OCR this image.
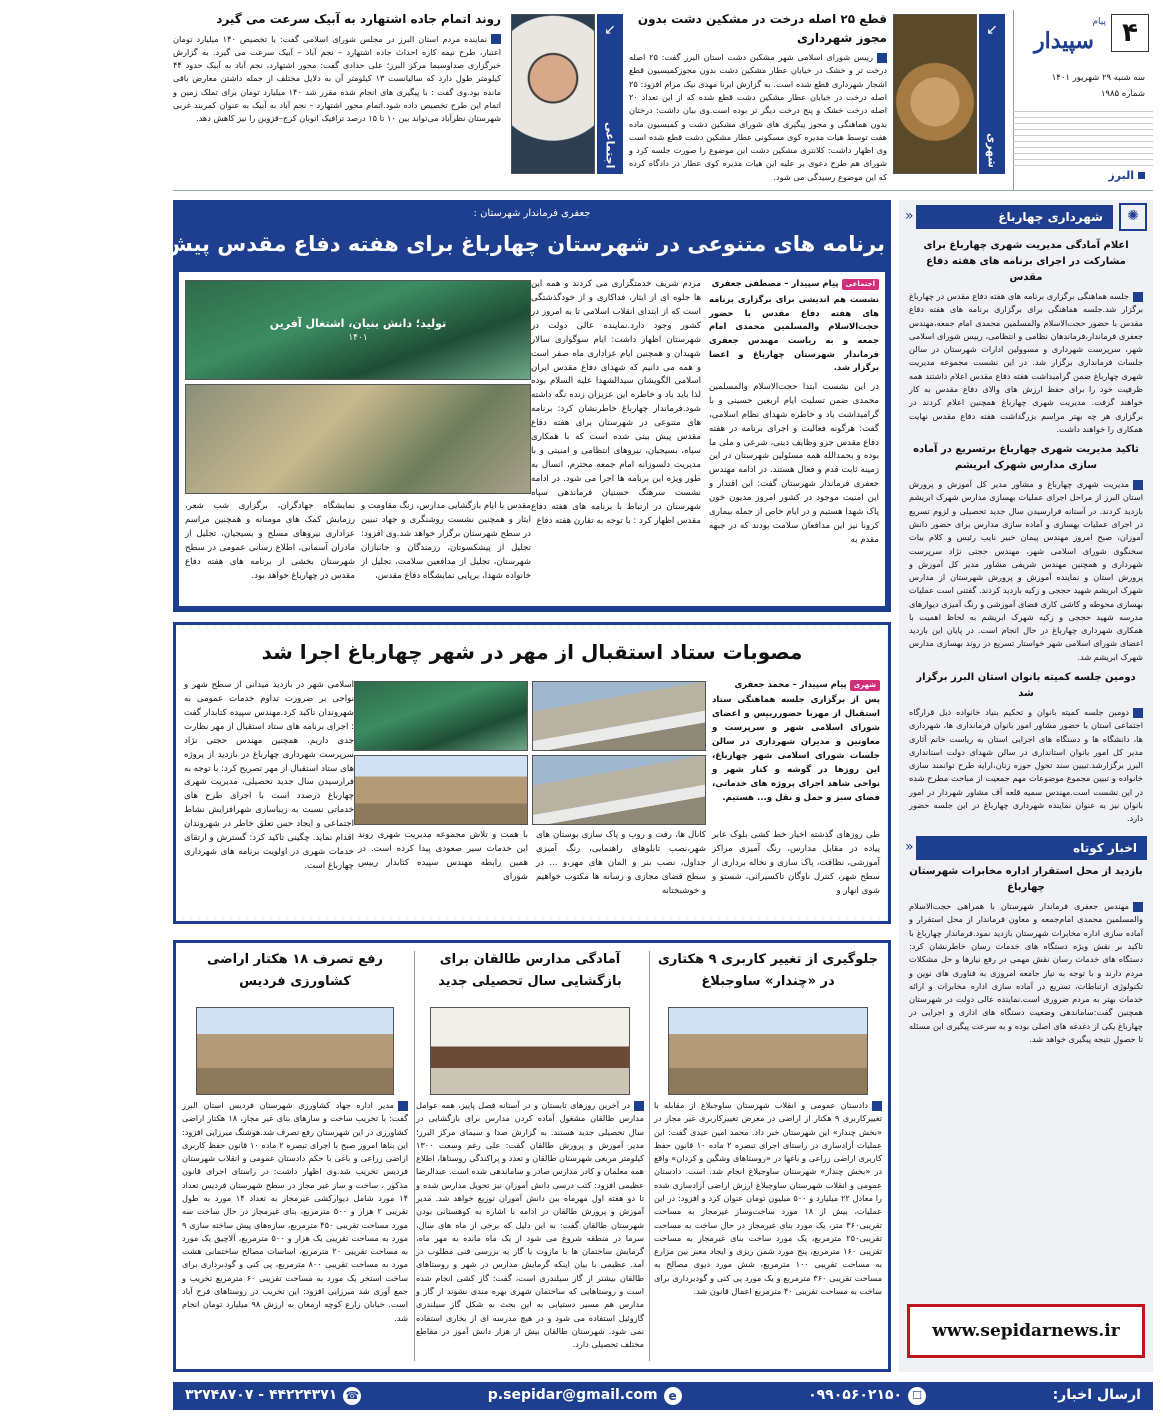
۴
پیام
سپیدار
سه شنبه ۲۹ شهریور ۱۴۰۱
شماره ۱۹۸۵
البرز
↙
شهری
قطع ۲۵ اصله درخت در مشکین دشت بدون مجوز شهرداری

رییس شورای اسلامی شهر مشکین دشت استان البرز گفت: ۲۵ اصله درخت تر و خشک در خیابان عطار مشکین دشت بدون مجوزکمیسیون قطع اشجار شهرداری قطع شده است. به گزارش ایرنا مهدی نیک مرام افزود: ۲۵ اصله درخت در خیابان عطار مشکین دشت قطع شده که از این تعداد ۲۰ اصله درخت خشک و پنج درخت دیگر تر بوده است.وی بیان داشت: درختان بدون هماهنگی و مجوز پیگیری های شورای مشکین دشت و کمیسیون ماده هفت توسط هیات مدیره کوی مسکونی عطار مشکین دشت قطع شده است وی اظهار داشت: کلانتری مشکین دشت این موضوع را صورت جلسه کرد و شورای هم طرح دعوی بر علیه این هیات مدیره کوی عطار در دادگاه کرده که این موضوع رسیدگی می شود.

↙
اجتماعی
روند اتمام جاده اشتهارد به آبیک سرعت می گیرد

نماینده مردم استان البرز در مجلس شورای اسلامی گفت: با تخصیص ۱۴۰ میلیارد تومان اعتبار، طرح نیمه کاره احداث جاده اشتهارد – نجم آباد – آبیک سرعت می گیرد. به گزارش خبرگزاری صداوسیما مرکز البرز؛ علی حدادی گفت: محور اشتهارد، نجم آباد به آبیک حدود ۴۴ کیلومتر طول دارد که سالیانست ۱۳ کیلومتر آن به دلایل مختلف از جمله داشتن معارض باقی مانده بود.وی گفت : با پیگیری های انجام شده مقرر شد ۱۴۰ میلیارد تومان برای تملک زمین و اتمام این طرح تخصیص داده شود.اتمام محور اشتهارد – نجم آباد به آبیک به عنوان کمربند غربی شهرستان نظرآباد می‌تواند بین ۱۰ تا ۱۵ درصد ترافیک اتوبان کرج–قزوین را نیز کاهش دهد.

جعفری فرماندار شهرستان :
برنامه های متنوعی در شهرستان چهارباغ برای هفته دفاع مقدس پیش بینی شده است
اجتماعی پیام سپیدار – مصطفی جعفری

نشست هم اندیشی برای برگزاری برنامه های هفته دفاع مقدس با حضور حجت‌الاسلام والمسلمین محمدی امام جمعه و به ریاست مهندس جعفری فرماندار شهرستان چهارباغ و اعضا برگزار شد.

در این نشست ابتدا حجت‌الاسلام والمسلمین محمدی ضمن تسلیت ایام اربعین حسینی و با گرامیداشت یاد و خاطره شهدای نظام اسلامی، گفت: هرگونه فعالیت و اجرای برنامه در هفته دفاع مقدس جزو وظایف دینی، شرعی و ملی ما بوده و بحمدالله همه مسئولین شهرستان در این زمینه ثابت قدم و فعال هستند. در ادامه مهندس جعفری فرماندار شهرستان گفت: این اقتدار و این امنیت موجود در کشور امروز مدیون خون پاک شهدا هستیم و در ایام خاص از جمله بیماری کرونا نیز این مدافعان سلامت بودند که در جبهه مقدم به

مردم شریف خدمتگزاری می کردند و همه این ها جلوه ای از ایثار، فداکاری و از خودگذشتگی است که از ابتدای انقلاب اسلامی تا به امروز در کشور وجود دارد.نماینده عالی دولت در شهرستان اظهار داشت: ایام سوگواری سالار شهیدان و همچنین ایام عزاداری ماه صفر است و همه می دانیم که شهدای دفاع مقدس ایران اسلامی الگویشان سیدالشهدا علیه السلام بوده لذا باید یاد و خاطره این عزیزان زنده نگه داشته شود.فرماندار چهارباغ خاطرنشان کرد: برنامه های متنوعی در شهرستان برای هفته دفاع مقدس پیش بینی شده است که با همکاری سپاه، بسیجیان، نیروهای انتظامی و امنیتی و با مدیریت دلسوزانه امام جمعه محترم، انسال به طور ویژه این برنامه ها اجرا می شود. در ادامه نشست سرهنگ حسنیان فرماندهی سپاه شهرستان در ارتباط با برنامه های هفته دفاع مقدس اظهار کرد : با توجه به تقارن هفته دفاع

تولید؛ دانش بنیان، اشتغال آفرین
۱۴۰۱

مقدس با ایام بازگشایی مدارس، زنگ مقاومت و ایثار و همچنین نشست روشنگری و جهاد تبیین در سطح شهرستان برگزار خواهد شد.وی افزود: تجلیل از پیشکسوتان، رزمندگان و جانبازان شهرستان، تجلیل از مدافعین سلامت، تجلیل از خانواده شهدا، برپایی نمایشگاه دفاع مقدس،

نمایشگاه جهادگران، برگزاری شب شعر، رزمایش کمک های مومنانه و همچنین مراسم عزاداری نیروهای مسلح و بسیجیان، تجلیل از مادران آسمانی، اطلاع رسانی عمومی در سطح شهرستان بخشی از برنامه های هفته دفاع مقدس در چهارباغ خواهد بود.

مصوبات ستاد استقبال از مهر در شهر چهارباغ اجرا شد
شهری پیام سپیدار – محمد جعفری

پس از برگزاری جلسه هماهنگی ستاد استقبال از مهربا حضوررییس و اعضای شورای اسلامی شهر و سرپرست و معاونین و مدیران شهرداری در سالن جلسات شورای اسلامی شهر چهارباغ، این روزها در گوشه و کنار شهر و نواحی شاهد اجرای پروژه های خدماتی، فضای سبز و حمل و نقل و... هستیم.

طی روزهای گذشته اخیار خط کشی بلوک عابر پیاده در مقابل مدارس، رنگ آمیزی مراکز آموزشی، نظافت، پاک سازی و نخاله برداری از سطح شهر، کنترل ناوگان تاکسیرانی، شستو و شوی انهار و

کانال ها، رفت و روب و پاک سازی بوستان های شهر،نصب تابلوهای راهنمایی، رنگ آمیزی جداول، نصب بنر و المان های مهر،و ... در سطح فضای مجازی و رسانه ها مکتوب خواهیم و خوشبختانه

با همت و تلاش مجموعه مدیریت شهری روند این خدمات سیر صعودی پیدا کرده است. در همین رابطه مهندس سپیده کتابدار رییس شورای

اسلامی شهر در بازدید میدانی از سطح شهر و نواحی بر ضرورت تداوم خدمات عمومی به شهروندان تاکید کرد.مهندس سپیده کتابدار گفت : اجرای برنامه های ستاد استقبال از مهر نظارت جدی داریم. همچنین مهندس حجتی نژاد سرپرست شهرداری چهارباغ در بازدید از پروژه های ستاد استقبال از مهر تصریح کرد: با توجه به فرارسیدن سال جدید تحصیلی، مدیریت شهری چهارباغ درصدد است با اجرای طرح های خدماتی نسبت به زیباسازی شهرافزایش نشاط اجتماعی و ایجاد حس تعلق خاطر در شهروندان اقدام نماید. چگینی تاکید کرد: گسترش و ارتقای خدمات شهری در اولویت برنامه های شهرداری چهارباغ است.

جلوگیری از تغییر کاربری ۹ هکتاری در «چندار» ساوجبلاغ

دادستان عمومی و انقلاب شهرستان ساوجبلاغ از مقابله با تغییرکاربری ۹ هکتار از اراضی در معرض تغییرکاربری غیر مجاز در «بخش چندار» این شهرستان خبر داد. محمد امین عیدی گفت: این عملیات آزادسازی در راستای اجرای تبصره ۲ ماده ۱۰ قانون حفظ کاربری اراضی زراعی و باغها در «روستاهای وشگین و کردان» واقع در «بخش چندار» شهرستان ساوجبلاغ انجام شد. است. دادستان عمومی و انقلاب شهرستان ساوجبلاغ ارزش اراضی آزادسازی شده را معادل ۲۲ میلیارد و ۵۰۰ میلیون تومان عنوان کرد و افزود: در این عملیات، بیش از ۱۸ مورد ساخت‌وساز غیرمجاز به مساحت تقریبی۳۶۰ متر، یک مورد بنای غیرمجاز در حال ساخت به مساحت تقریبی۲۵۰ مترمربع، یک مورد ساخت بنای غیرمجاز به مساحت تقریبی ۱۶۰ مترمربع، پنج مورد شمن ریزی و ایجاد معبر بین مزارع به مساحت تقریبی ۱۰۰ مترمربع، شش مورد دیوی مصالح به مساحت تقریبی ۳۶۰ مترمربع و یک مورد پی کنی و گودبرداری برای ساخت به مساحت تقریبی ۴۰ مترمربع اعمال قانون شد.

آمادگی مدارس طالقان برای بازگشایی سال تحصیلی جدید

در آخرین روزهای تابستان و در آستانه فصل پاییز، همه عوامل مدارس طالقان مشغول آماده کردن مدارس برای بازگشایی در سال تحصیلی جدید هستند. به گزارش صدا و سیمای مرکز البرز؛ مدیر آموزش و پرورش طالقان گفت: علی رغم وسعت ۱۳۰۰ کیلومتر مربعی شهرستان طالقان و تعدد و پراکندگی روستاها، اطلاع همه معلمان و کادر مدارس صادر و ساماندهی شده است. عبدالرضا عظیمی افزود: کتب درسی دانش آموزان نیز تحویل مدارس شده و تا دو هفته اول مهرماه بین دانش آموزان توزیع خواهد شد. مدیر آموزش و پرورش طالقان در ادامه با اشاره به کوهستانی بودن شهرستان طالقان گفت: به این دلیل که برخی از ماه های سال، سرما در منطقه شروع می شود از یک ماه مانده به مهر ماه، گرمایش ساختمان ها با مازوت یا گاز به بررسی فنی مطلوب در آمد. عظیمی با بیان اینکه گرمایش مدارس در شهر و روستاهای طالقان بیشتر از گاز سیلندری است، گفت: گاز کشی انجام شده است و روستاهایی که ساختمان شهری بهره مندی نشوند از گاز و مدارس هم مسیر دستیابی به این بحث به شکل گاز سیلندری گازوئیل استفاده می شود و در هیچ مدرسه ای از بخاری استفاده نمی شود. شهرستان طالقان بیش از هزار دانش آموز در مقاطع مختلف تحصیلی دارد.

رفع تصرف ۱۸ هکتار اراضی کشاورزی فردیس

مدیر اداره جهاد کشاورزی شهرستان فردیس استان البرز گفت: با تخریب ساخت و سازهای بنای غیر مجاز، ۱۸ هکتار اراضی کشاورزی در این شهرستان رفع تصرف شد.هوشنگ میرزایی افزود: این بنا‌ها امروز صبح با اجرای تبصره ۲ ماده ۱۰ قانون حفظ کاربری اراضی زراعی و باغی با حکم دادستان عمومی و انقلاب شهرستان فردیس تخریب شد.وی اظهار داشت: در راستای اجرای قانون مذکور ، ساخت و ساز غیر مجاز در سطح شهرستان فردیس تعداد ۱۴ مورد شامل دیوارکشی غیرمجاز به تعداد ۱۴ مورد به طول تقریبی ۲ هزار و ۵۰۰ مترمربع، بنای غیرمجاز در حال ساخت سه مورد مساحت تقریبی ۴۵۰ مترمربع، سازه‌های پیش ساخته سازی ۹ مورد به مساحت تقریبی یک هزار و ۵۰۰ مترمربع، آلاچیق یک مورد به مساحت تقریبی ۲۰ مترمربع، اساسات مصالح ساختمانی هشت مورد به مساحت تقریبی ۸۰۰ مترمربع، پی کنی و گودبرداری برای ساخت استخر یک مورد به مساحت تقریبی ۶۰ مترمربع تخریب و جمع آوری شد میرزایی افزود: این تخریب در روستاهای فرح آباد است. خیابان زارع کوچه ارمغان به ارزش ۹۸ میلیارد تومان انجام شد.

✺
شهرداری چهارباغ
«
اعلام آمادگی مدیریت شهری چهارباغ برای مشارکت در اجرای برنامه های هفته دفاع مقدس

جلسه هماهنگی برگزاری برنامه های هفته دفاع مقدس در چهارباغ برگزار شد.جلسه هماهنگی برای برگزاری برنامه های هفته دفاع مقدس با حضور حجت‌الاسلام والمسلمین محمدی امام جمعه،مهندس جعفری فرماندار،فرماندهان نظامی و انتظامی، رییس شورای اسلامی شهر، سرپرست شهرداری و مسوولین ادارات شهرستان در سالن جلسات فرمانداری برگزار شد. در این نشست مجموعه مدیریت شهری چهارباغ ضمن گرامیداشت هفته دفاع مقدس اعلام داشتند همه ظرفیت خود را برای حفظ ارزش های والای دفاع مقدس به کار خواهند گرفت. مدیریت شهری چهارباغ همچنین اعلام کردند در برگزاری هر چه بهتر مراسم بزرگداشت هفته دفاع مقدس نهایت همکاری را خواهند داشت.

تاکید مدیریت شهری چهارباغ برتسریع در آماده سازی مدارس شهرک ابریشم

مدیریت شهری چهارباغ و مشاور مدیر کل آموزش و پرورش استان البرز از مراحل اجرای عملیات بهسازی مدارس شهرک ابریشم بازدید کردند. در آستانه فرارسیدن سال جدید تحصیلی و لزوم تسریع در اجرای عملیات بهسازی و آماده سازی مدارس برای حضور دانش آموزان، صبح امروز مهندس پیمان خبیر نایب رئیس و کلام بیات سخنگوی شورای اسلامی شهر، مهندس حجتی نژاد سرپرست شهرداری و همچنین مهندس شریفی مشاور مدیر کل آموزش و پرورش استان و نماینده آموزش و پرورش شهرستان از مدارس شهرک ابریشم شهید حججی و زکیه بازدید کردند. گفتنی است عملیات بهسازی محوطه و کاشی کاری فضای آموزشی و رنگ آمیزی دیوارهای مدرسه شهید حججی و زکیه شهرک ابریشم به لحاظ اهمیت با همکاری شهرداری چهارباغ در حال انجام است. در پایان این بازدید اعضای شورای اسلامی شهر خواستار تسریع در روند بهسازی مدارس شهرک ابریشم شد.

دومین جلسه کمیته بانوان استان البرز برگزار شد

دومین جلسه کمیته بانوان و تحکیم بنیاد خانواده ذیل قرارگاه اجتماعی استان با حضور مشاور امور بانوان فرمانداری ها، شهرداری ها، دانشگاه ها و دستگاه های اجرایی استان به ریاست خانم آثاری مدیر کل امور بانوان استانداری در سالن شهدای دولت استانداری البرز برگزارشد.تبیین سند تحول حوزه زنان،ارایه طرح توانمند سازی خانواده و تبیین مجموع موضوعات مهم جمعیت از مباحث مطرح شده در این نشست است.مهندس سمیه قلعه آف مشاور شهردار در امور بانوان نیز به عنوان نماینده شهرداری چهارباغ در این جلسه حضور دارد.

اخبار کوتاه
«
بازدید از محل استقرار اداره مخابرات شهرستان چهارباغ

مهندس جعفری فرماندار شهرستان با همراهی حجت‌الاسلام والمسلمین محمدی امام‌جمعه و معاون فرماندار از محل استقرار و آماده سازی اداره مخابرات شهرستان بازدید نمود.فرماندار چهارباغ با تاکید بر نقش ویژه دستگاه های خدمات رسان خاطرنشان کرد: دستگاه های خدمات رسان نقش مهمی در رفع نیازها و حل مشکلات مردم دارند و با توجه به نیاز جامعه امروزی به فناوری های نوین و تکنولوژی ارتباطات، تسریع در آماده سازی اداره مخابرات و ارائه خدمات بهتر به مردم ضروری است.نماینده عالی دولت در شهرستان همچنین گفت:ساماندهی وضعیت دستگاه های اداری و اجرایی در چهارباغ یکی از دغدغه های اصلی بوده و به سرعت پیگیری این مسئله تا حصول نتیجه پیگیری خواهد شد.

www.sepidarnews.ir
ارسال اخبار:
☐
۰۹۹۰۵۶۰۲۱۵۰
e
p.sepidar@gmail.com
☎
۳۲۷۴۸۷۰۷ - ۴۴۲۲۴۳۷۱
